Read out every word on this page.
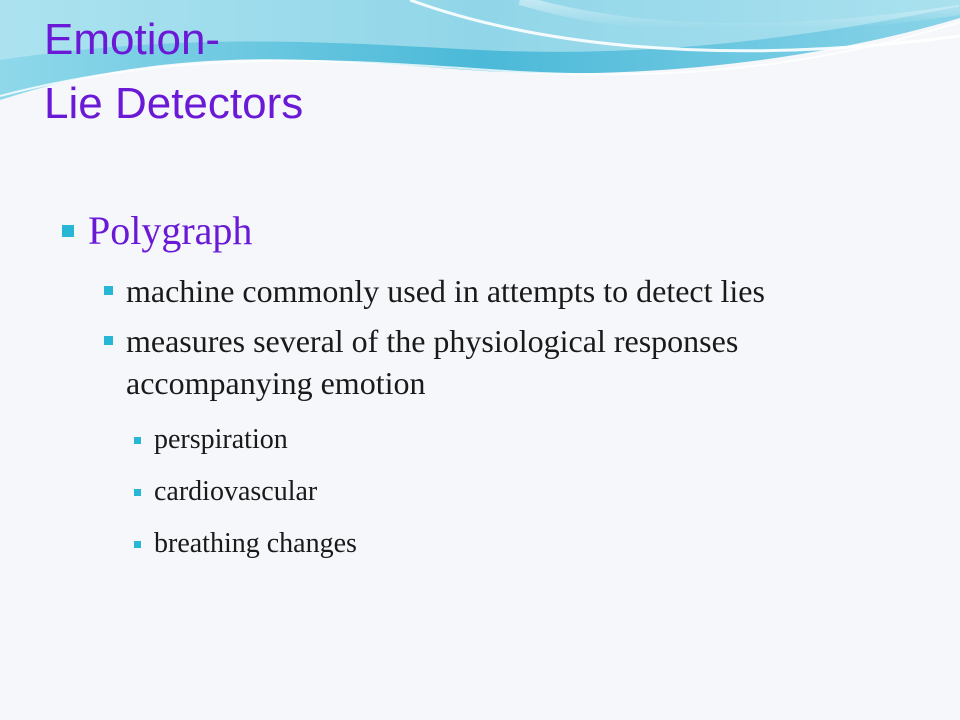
Emotion-
Lie Detectors
Polygraph
machine commonly used in attempts to detect lies
measures several of the physiological responses accompanying emotion
perspiration
cardiovascular
breathing changes
